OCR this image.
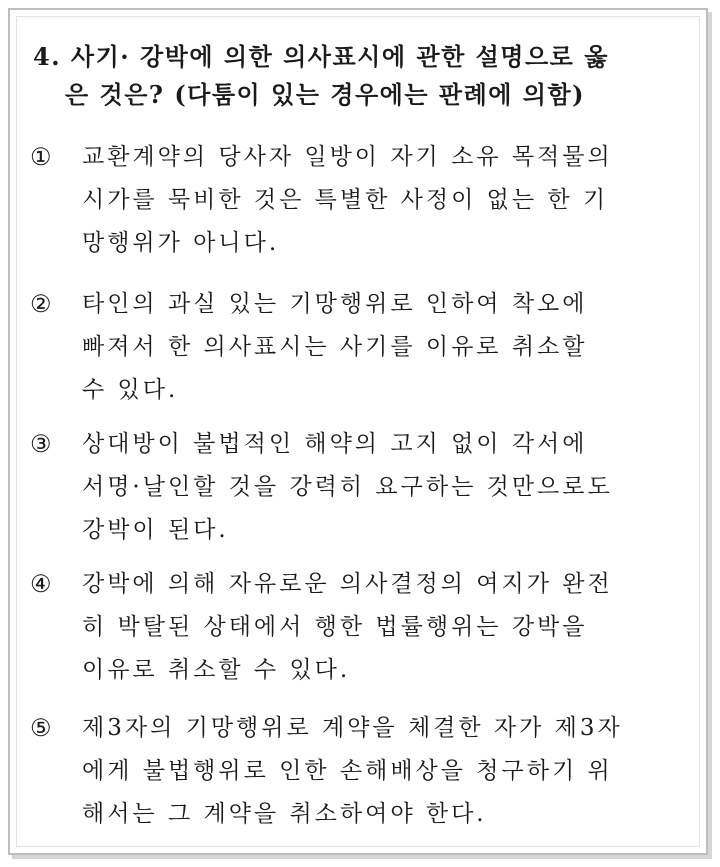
4. 사기· 강박에 의한 의사표시에 관한 설명으로 옳
은 것은? (다툼이 있는 경우에는 판례에 의함)
①	교환계약의 당사자 일방이 자기 소유 목적물의
시가를 묵비한 것은 특별한 사정이 없는 한 기
망행위가 아니다.
②	타인의 과실 있는 기망행위로 인하여 착오에
빠져서 한 의사표시는 사기를 이유로 취소할
수 있다.
③	상대방이 불법적인 해약의 고지 없이 각서에
서명·날인할 것을 강력히 요구하는 것만으로도
강박이 된다.
④	강박에 의해 자유로운 의사결정의 여지가 완전
히 박탈된 상태에서 행한 법률행위는 강박을
이유로 취소할 수 있다.
⑤	제3자의 기망행위로 계약을 체결한 자가 제3자
에게 불법행위로 인한 손해배상을 청구하기 위
해서는 그 계약을 취소하여야 한다.
